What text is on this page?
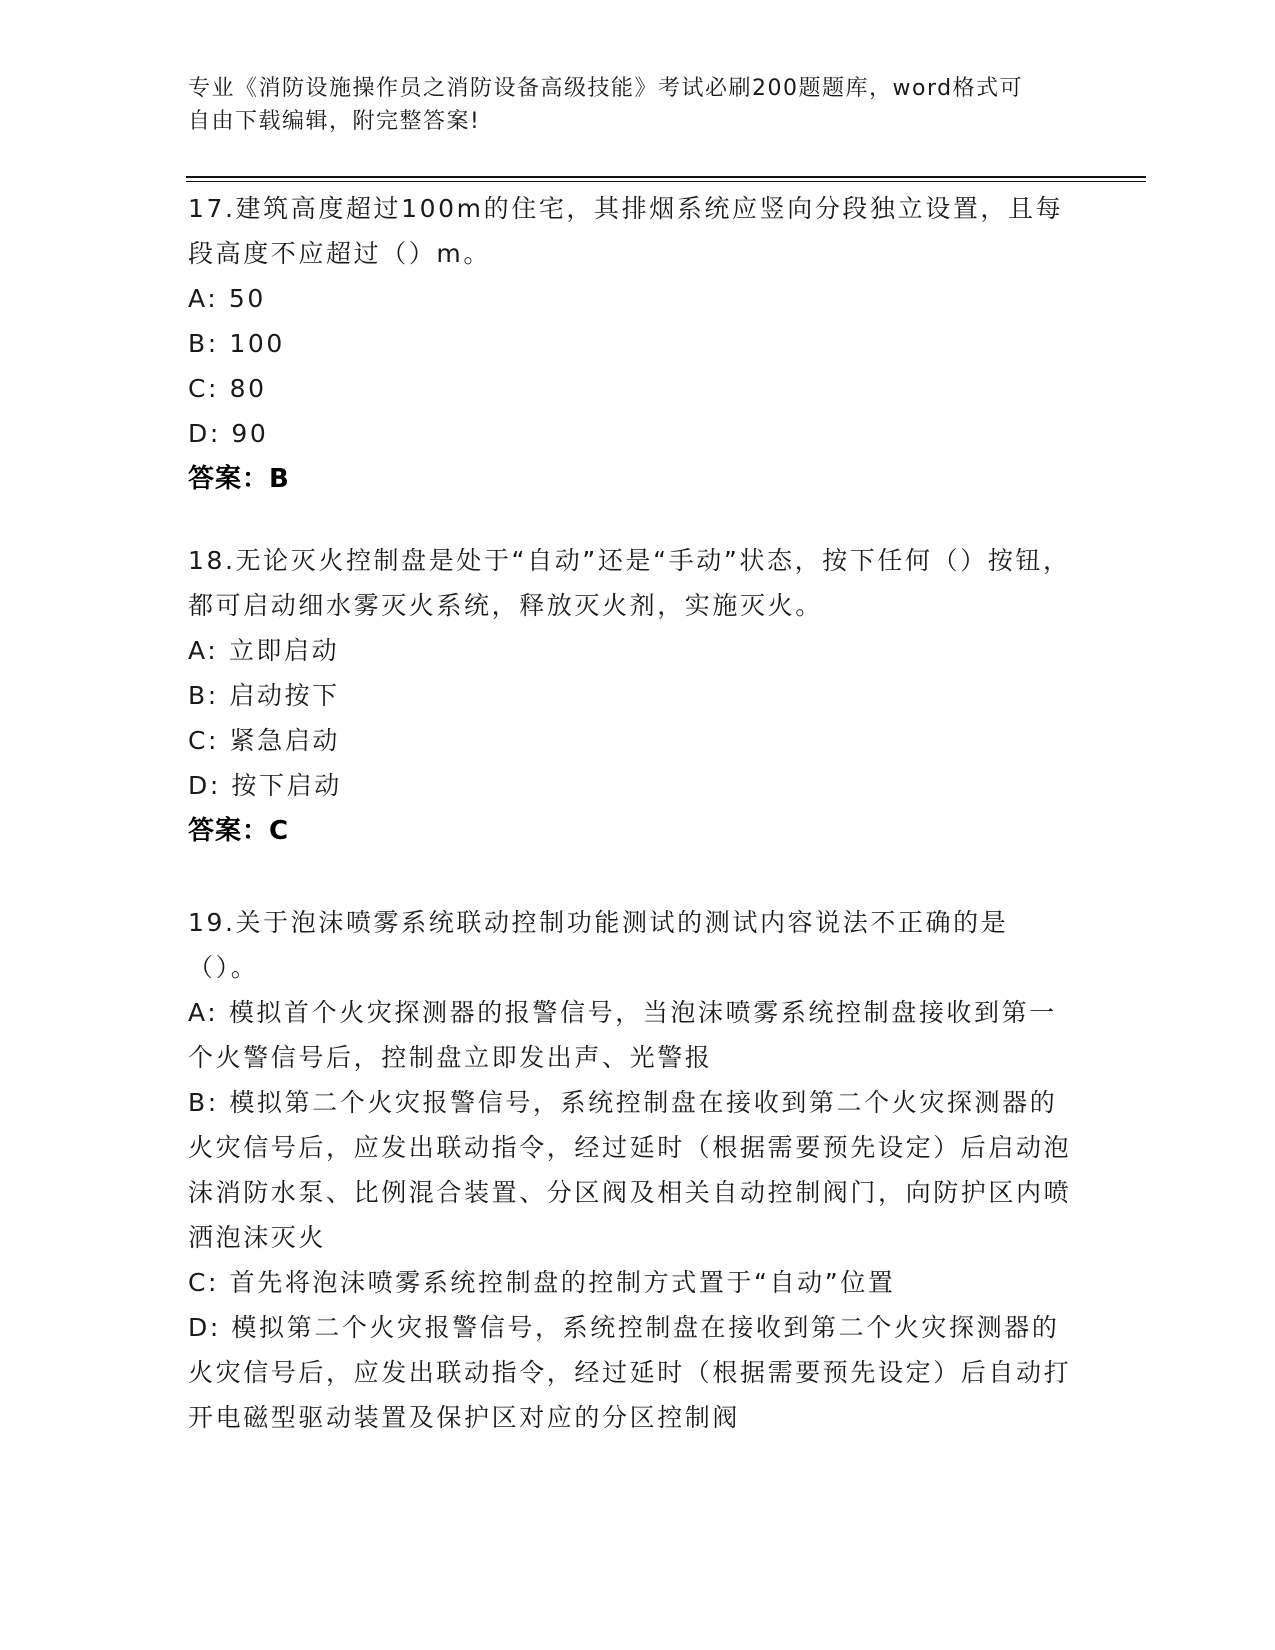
专业《消防设施操作员之消防设备高级技能》考试必刷200题题库，word格式可
自由下载编辑，附完整答案!

17.建筑高度超过100m的住宅，其排烟系统应竖向分段独立设置，且每段高度不应超过（）m。

A: 50

B: 100

C: 80

D: 90

答案：B

18.无论灭火控制盘是处于“自动”还是“手动”状态，按下任何（）按钮，都可启动细水雾灭火系统，释放灭火剂，实施灭火。

A: 立即启动

B: 启动按下

C: 紧急启动

D: 按下启动

答案：C

19.关于泡沫喷雾系统联动控制功能测试的测试内容说法不正确的是（）。

A: 模拟首个火灾探测器的报警信号，当泡沫喷雾系统控制盘接收到第一个火警信号后，控制盘立即发出声、光警报

B: 模拟第二个火灾报警信号，系统控制盘在接收到第二个火灾探测器的火灾信号后，应发出联动指令，经过延时（根据需要预先设定）后启动泡沫消防水泵、比例混合装置、分区阀及相关自动控制阀门，向防护区内喷洒泡沫灭火

C: 首先将泡沫喷雾系统控制盘的控制方式置于“自动”位置

D: 模拟第二个火灾报警信号，系统控制盘在接收到第二个火灾探测器的火灾信号后，应发出联动指令，经过延时（根据需要预先设定）后自动打开电磁型驱动装置及保护区对应的分区控制阀
